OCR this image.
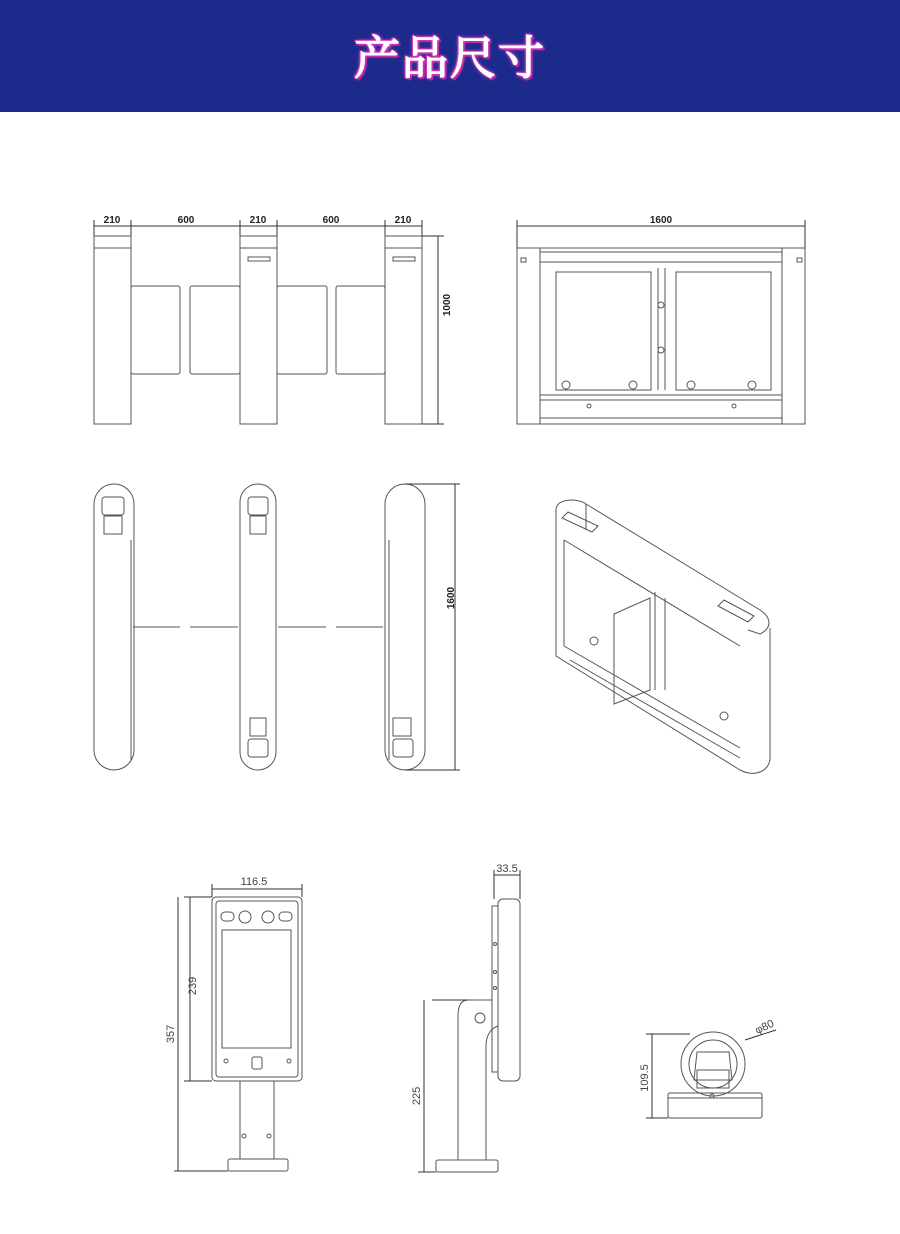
产品尺寸
210	600	210	600	210
1000
1600
1600
116.5
239
357
33.5
225
φ80
109.5
